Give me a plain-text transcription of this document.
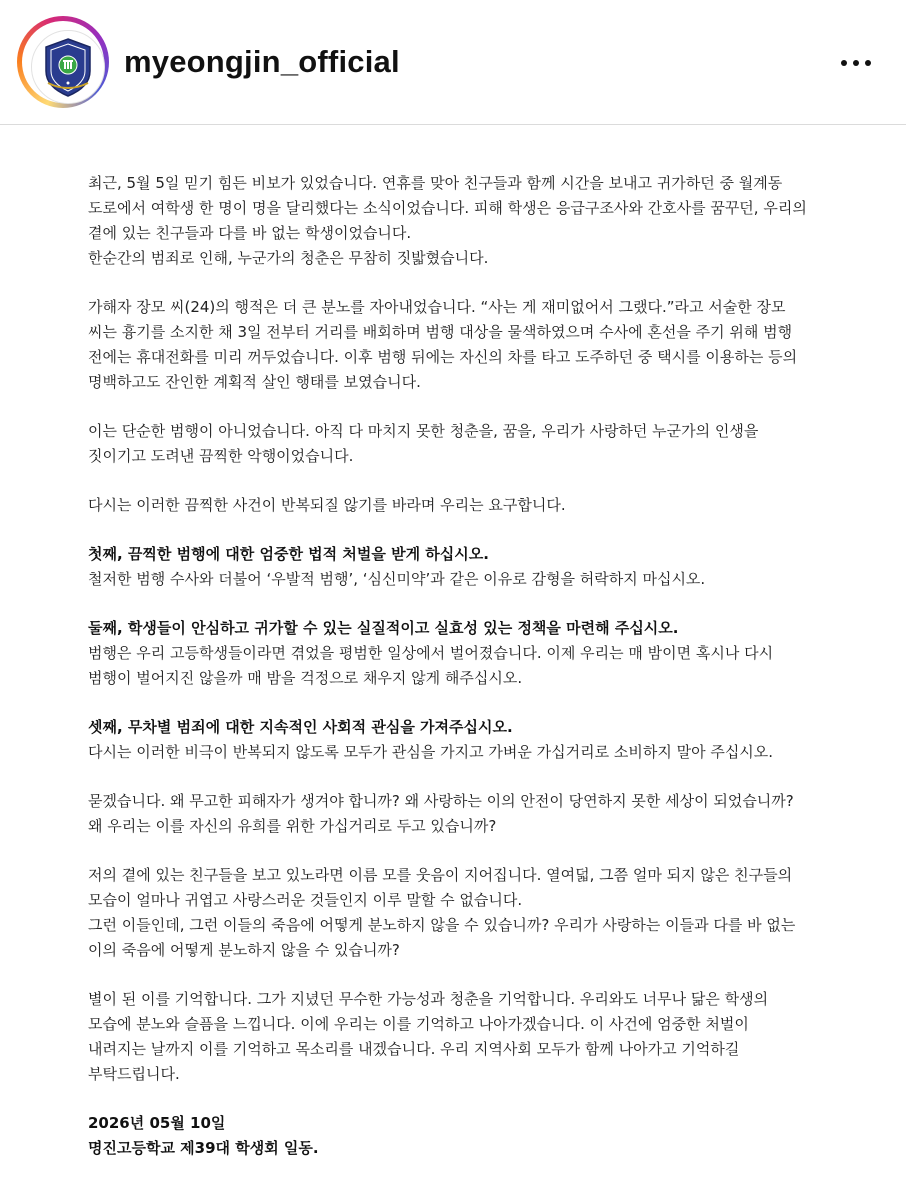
myeongjin_official
최근, 5월 5일 믿기 힘든 비보가 있었습니다. 연휴를 맞아 친구들과 함께 시간을 보내고 귀가하던 중 월계동
도로에서 여학생 한 명이 명을 달리했다는 소식이었습니다. 피해 학생은 응급구조사와 간호사를 꿈꾸던, 우리의
곁에 있는 친구들과 다를 바 없는 학생이었습니다.
한순간의 범죄로 인해, 누군가의 청춘은 무참히 짓밟혔습니다.
가해자 장모 씨(24)의 행적은 더 큰 분노를 자아내었습니다. “사는 게 재미없어서 그랬다.”라고 서술한 장모
씨는 흉기를 소지한 채 3일 전부터 거리를 배회하며 범행 대상을 물색하였으며 수사에 혼선을 주기 위해 범행
전에는 휴대전화를 미리 꺼두었습니다. 이후 범행 뒤에는 자신의 차를 타고 도주하던 중 택시를 이용하는 등의
명백하고도 잔인한 계획적 살인 행태를 보였습니다.
이는 단순한 범행이 아니었습니다. 아직 다 마치지 못한 청춘을, 꿈을, 우리가 사랑하던 누군가의 인생을
짓이기고 도려낸 끔찍한 악행이었습니다.
다시는 이러한 끔찍한 사건이 반복되질 않기를 바라며 우리는 요구합니다.
첫째, 끔찍한 범행에 대한 엄중한 법적 처벌을 받게 하십시오.
철저한 범행 수사와 더불어 ‘우발적 범행’, ‘심신미약’과 같은 이유로 감형을 허락하지 마십시오.
둘째, 학생들이 안심하고 귀가할 수 있는 실질적이고 실효성 있는 정책을 마련해 주십시오.
범행은 우리 고등학생들이라면 겪었을 평범한 일상에서 벌어졌습니다. 이제 우리는 매 밤이면 혹시나 다시
범행이 벌어지진 않을까 매 밤을 걱정으로 채우지 않게 해주십시오.
셋째, 무차별 범죄에 대한 지속적인 사회적 관심을 가져주십시오.
다시는 이러한 비극이 반복되지 않도록 모두가 관심을 가지고 가벼운 가십거리로 소비하지 말아 주십시오.
묻겠습니다. 왜 무고한 피해자가 생겨야 합니까? 왜 사랑하는 이의 안전이 당연하지 못한 세상이 되었습니까?
왜 우리는 이를 자신의 유희를 위한 가십거리로 두고 있습니까?
저의 곁에 있는 친구들을 보고 있노라면 이름 모를 웃음이 지어집니다. 열여덟, 그쯤 얼마 되지 않은 친구들의
모습이 얼마나 귀엽고 사랑스러운 것들인지 이루 말할 수 없습니다.
그런 이들인데, 그런 이들의 죽음에 어떻게 분노하지 않을 수 있습니까? 우리가 사랑하는 이들과 다를 바 없는
이의 죽음에 어떻게 분노하지 않을 수 있습니까?
별이 된 이를 기억합니다. 그가 지녔던 무수한 가능성과 청춘을 기억합니다. 우리와도 너무나 닮은 학생의
모습에 분노와 슬픔을 느낍니다. 이에 우리는 이를 기억하고 나아가겠습니다. 이 사건에 엄중한 처벌이
내려지는 날까지 이를 기억하고 목소리를 내겠습니다. 우리 지역사회 모두가 함께 나아가고 기억하길
부탁드립니다.
2026년 05월 10일
명진고등학교 제39대 학생회 일동.
